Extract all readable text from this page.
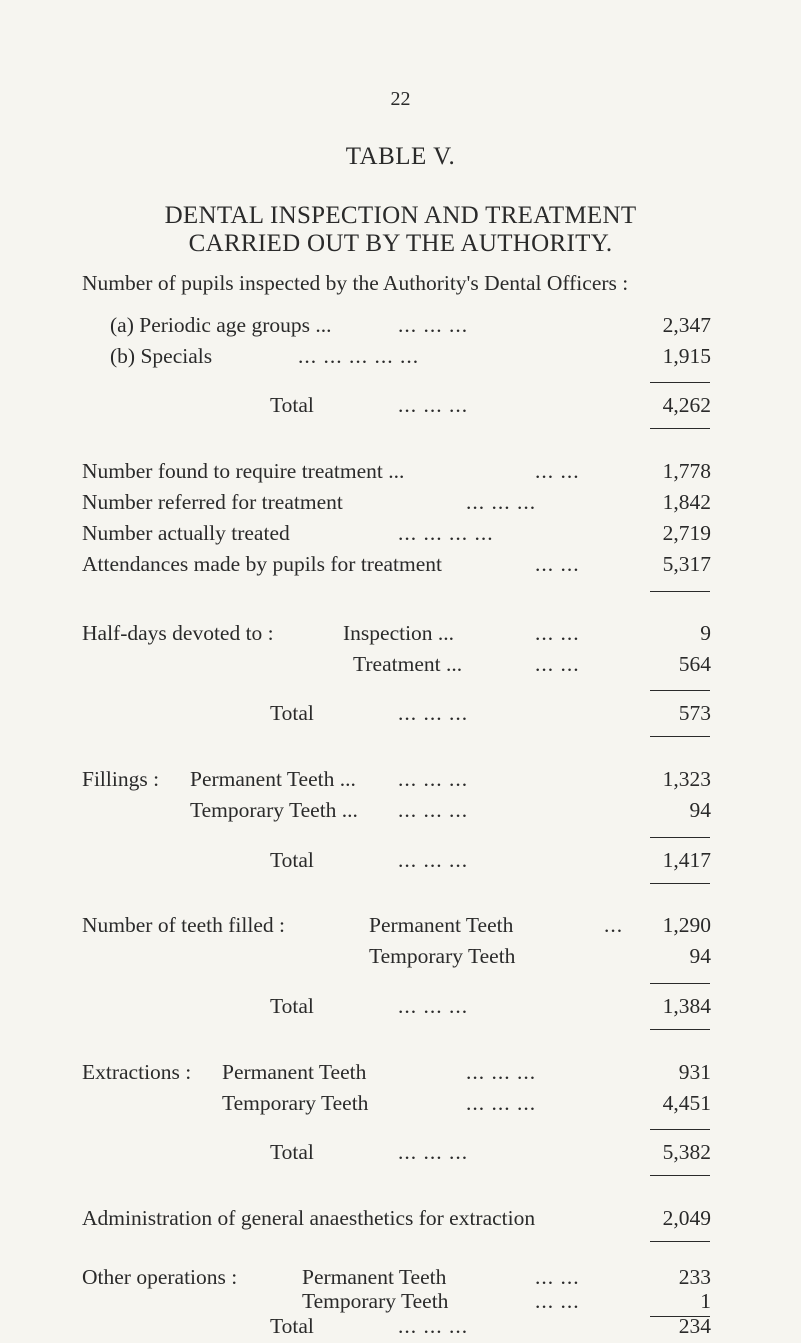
22
TABLE V.
DENTAL INSPECTION AND TREATMENT
CARRIED OUT BY THE AUTHORITY.
Number of pupils inspected by the Authority's Dental Officers :
(a) Periodic age groups ...	... ... ...	2,347
(b) Specials	... ... ... ... ...	1,915
Total	... ... ...	4,262
Number found to require treatment ...	... ...	1,778
Number referred for treatment	... ... ...	1,842
Number actually treated	... ... ... ...	2,719
Attendances made by pupils for treatment	... ...	5,317
Half-days devoted to :	Inspection ...	... ...	9
Treatment ...	... ...	564
Total	... ... ...	573
Fillings : Permanent Teeth ... ... ... ...	1,323
Temporary Teeth ... ... ... ...	94
Total	... ... ...	1,417
Number of teeth filled :	Permanent Teeth	... 1,290
Temporary Teeth	94
Total	... ... ...	1,384
Extractions : Permanent Teeth	... ... ...	931
Temporary Teeth	... ... ...	4,451
Total	... ... ...	5,382
Administration of general anaesthetics for extraction	2,049
Other operations :	Permanent Teeth	... ...	233
Temporary Teeth	... ...	1
Total	... ... ...	234
